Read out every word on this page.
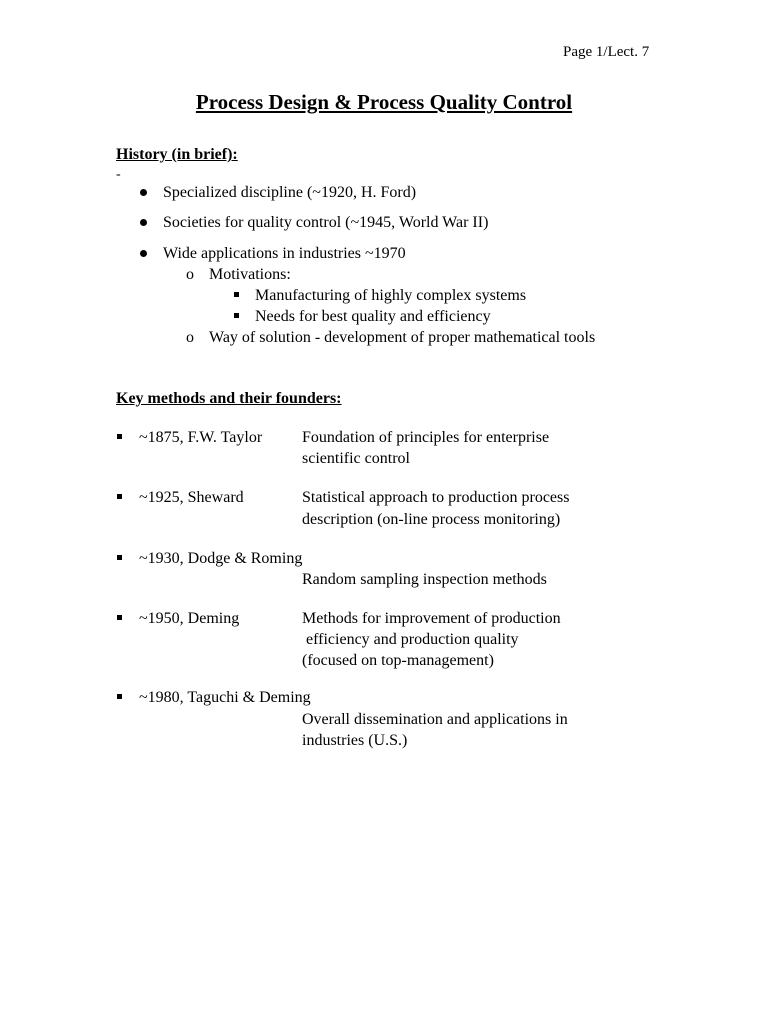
Page 1/Lect. 7
Process Design & Process Quality Control
History (in brief):
-
Specialized discipline (~1920, H. Ford)
Societies for quality control (~1945, World War II)
Wide applications in industries ~1970
o Motivations:
Manufacturing of highly complex systems
Needs for best quality and efficiency
o Way of solution - development of proper mathematical tools
Key methods and their founders:
~1875, F.W. Taylor Foundation of principles for enterprise
scientific control
~1925, Sheward	Statistical approach to production process
description (on-line process monitoring)
~1930, Dodge & Roming
Random sampling inspection methods
~1950, Deming	Methods for improvement of production
efficiency and production quality
(focused on top-management)
~1980, Taguchi & Deming
Overall dissemination and applications in
industries (U.S.)
